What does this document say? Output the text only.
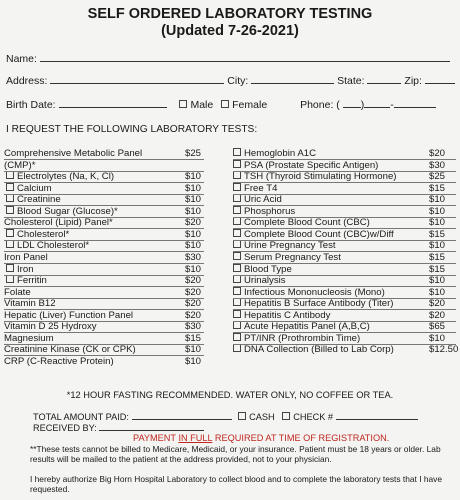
SELF ORDERED LABORATORY TESTING
(Updated 7-26-2021)
Name:
Address:	City:	State:	Zip:
Birth Date:	Male Female	Phone: ( ) -
I REQUEST THE FOLLOWING LABORATORY TESTS:
Comprehensive Metabolic Panel	$25
(CMP)*
Electrolytes (Na, K, Cl)	$10
Calcium	$10
Creatinine	$10
Blood Sugar (Glucose)*	$10
Cholesterol (Lipid) Panel*	$20
Cholesterol*	$10
LDL Cholesterol*	$10
Iron Panel	$30
Iron	$10
Ferritin	$20
Folate	$20
Vitamin B12	$20
Hepatic (Liver) Function Panel	$20
Vitamin D 25 Hydroxy	$30
Magnesium	$15
Creatinine Kinase (CK or CPK)	$10
CRP (C-Reactive Protein)	$10
Hemoglobin A1C	$20
PSA (Prostate Specific Antigen)	$30
TSH (Thyroid Stimulating Hormone)	$25
Free T4	$15
Uric Acid	$10
Phosphorus	$10
Complete Blood Count (CBC)	$10
Complete Blood Count (CBC)w/Diff	$15
Urine Pregnancy Test	$10
Serum Pregnancy Test	$15
Blood Type	$15
Urinalysis	$10
Infectious Mononucleosis (Mono)	$10
Hepatitis B Surface Antibody (Titer)	$20
Hepatitis C Antibody	$20
Acute Hepatitis Panel (A,B,C)	$65
PT/INR (Prothrombin Time)	$10
DNA Collection (Billed to Lab Corp)	$12.50
*12 HOUR FASTING RECOMMENDED. WATER ONLY, NO COFFEE OR TEA.
TOTAL AMOUNT PAID:	CASH CHECK #
RECEIVED BY:
PAYMENT IN FULL REQUIRED AT TIME OF REGISTRATION.
**These tests cannot be billed to Medicare, Medicaid, or your insurance. Patient must be 18 years or older. Lab
results will be mailed to the patient at the address provided, not to your physician.
I hereby authorize Big Horn Hospital Laboratory to collect blood and to complete the laboratory tests that I have
requested.
